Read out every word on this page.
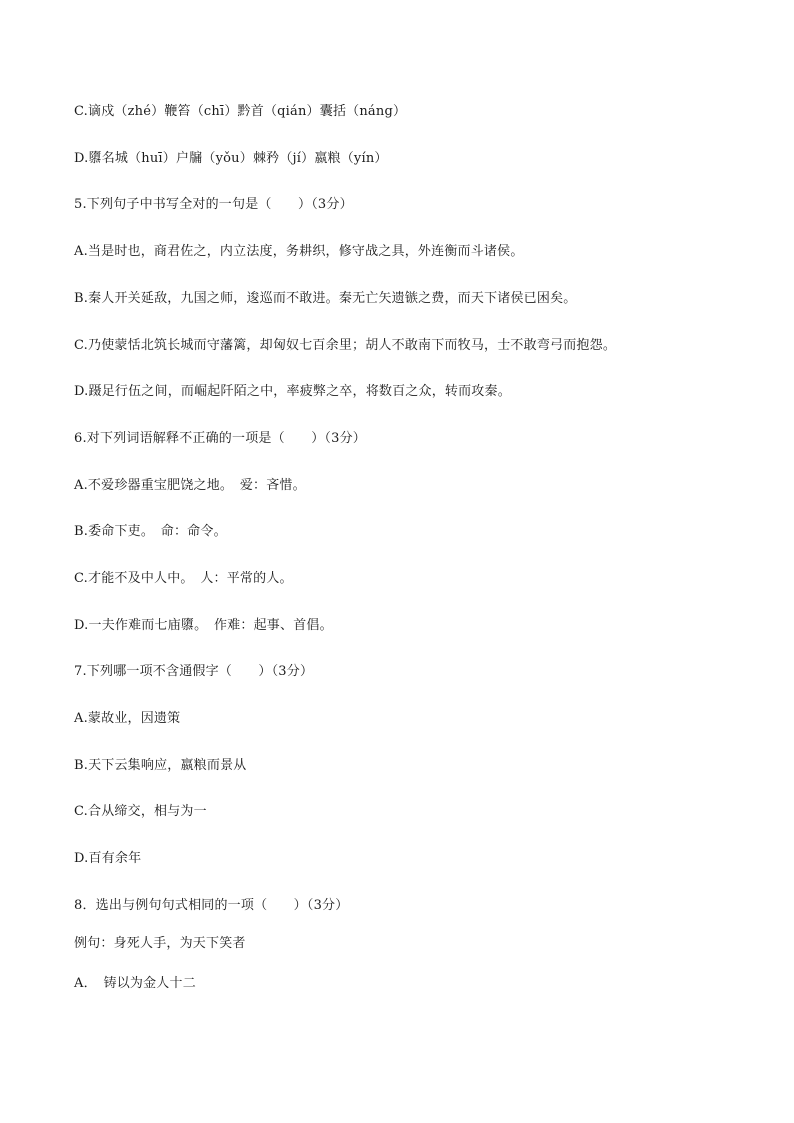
C.谪戍（zhé）鞭笞（chī）黔首（qián）囊括（náng）
D.隳名城（huī）户牖（yǒu）棘矜（jí）嬴粮（yín）
5.下列句子中书写全对的一句是（　　）（3分）
A.当是时也，商君佐之，内立法度，务耕织，修守战之具，外连衡而斗诸侯。
B.秦人开关延敌，九国之师，逡巡而不敢进。秦无亡矢遗镞之费，而天下诸侯已困矣。
C.乃使蒙恬北筑长城而守藩篱，却匈奴七百余里；胡人不敢南下而牧马，士不敢弯弓而抱怨。
D.蹑足行伍之间，而崛起阡陌之中，率疲弊之卒，将数百之众，转而攻秦。
6.对下列词语解释不正确的一项是（　　）（3分）
A.不爱珍器重宝肥饶之地。　爱：吝惜。
B.委命下吏。　命：命令。
C.才能不及中人中。　人：平常的人。
D.一夫作难而七庙隳。　作难：起事、首倡。
7.下列哪一项不含通假字（　　）（3分）
A.蒙故业，因遗策
B.天下云集响应，嬴粮而景从
C.合从缔交，相与为一
D.百有余年
8．选出与例句句式相同的一项（　　）（3分）
例句：身死人手，为天下笑者
A．　铸以为金人十二
